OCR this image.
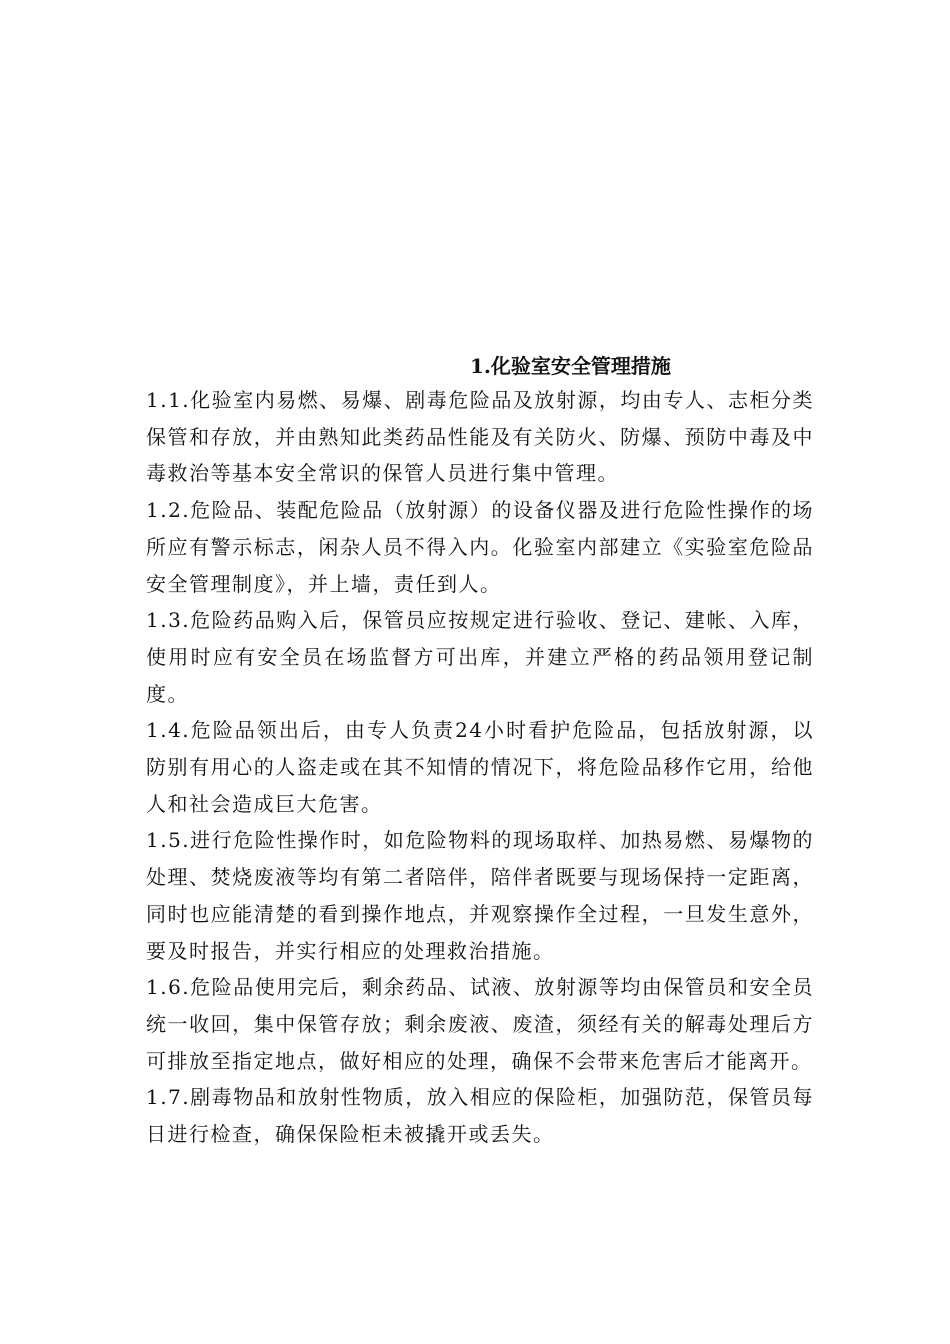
1.化验室安全管理措施

1.1.化验室内易燃、易爆、剧毒危险品及放射源，均由专人、志柜分类保管和存放，并由熟知此类药品性能及有关防火、防爆、预防中毒及中毒救治等基本安全常识的保管人员进行集中管理。

1.2.危险品、装配危险品（放射源）的设备仪器及进行危险性操作的场所应有警示标志，闲杂人员不得入内。化验室内部建立《实验室危险品安全管理制度》，并上墙，责任到人。

1.3.危险药品购入后，保管员应按规定进行验收、登记、建帐、入库，使用时应有安全员在场监督方可出库，并建立严格的药品领用登记制度。

1.4.危险品领出后，由专人负责24小时看护危险品，包括放射源，以防别有用心的人盗走或在其不知情的情况下，将危险品移作它用，给他人和社会造成巨大危害。

1.5.进行危险性操作时，如危险物料的现场取样、加热易燃、易爆物的处理、焚烧废液等均有第二者陪伴，陪伴者既要与现场保持一定距离，同时也应能清楚的看到操作地点，并观察操作全过程，一旦发生意外，要及时报告，并实行相应的处理救治措施。

1.6.危险品使用完后，剩余药品、试液、放射源等均由保管员和安全员统一收回，集中保管存放；剩余废液、废渣，须经有关的解毒处理后方可排放至指定地点，做好相应的处理，确保不会带来危害后才能离开。

1.7.剧毒物品和放射性物质，放入相应的保险柜，加强防范，保管员每日进行检查，确保保险柜未被撬开或丢失。
